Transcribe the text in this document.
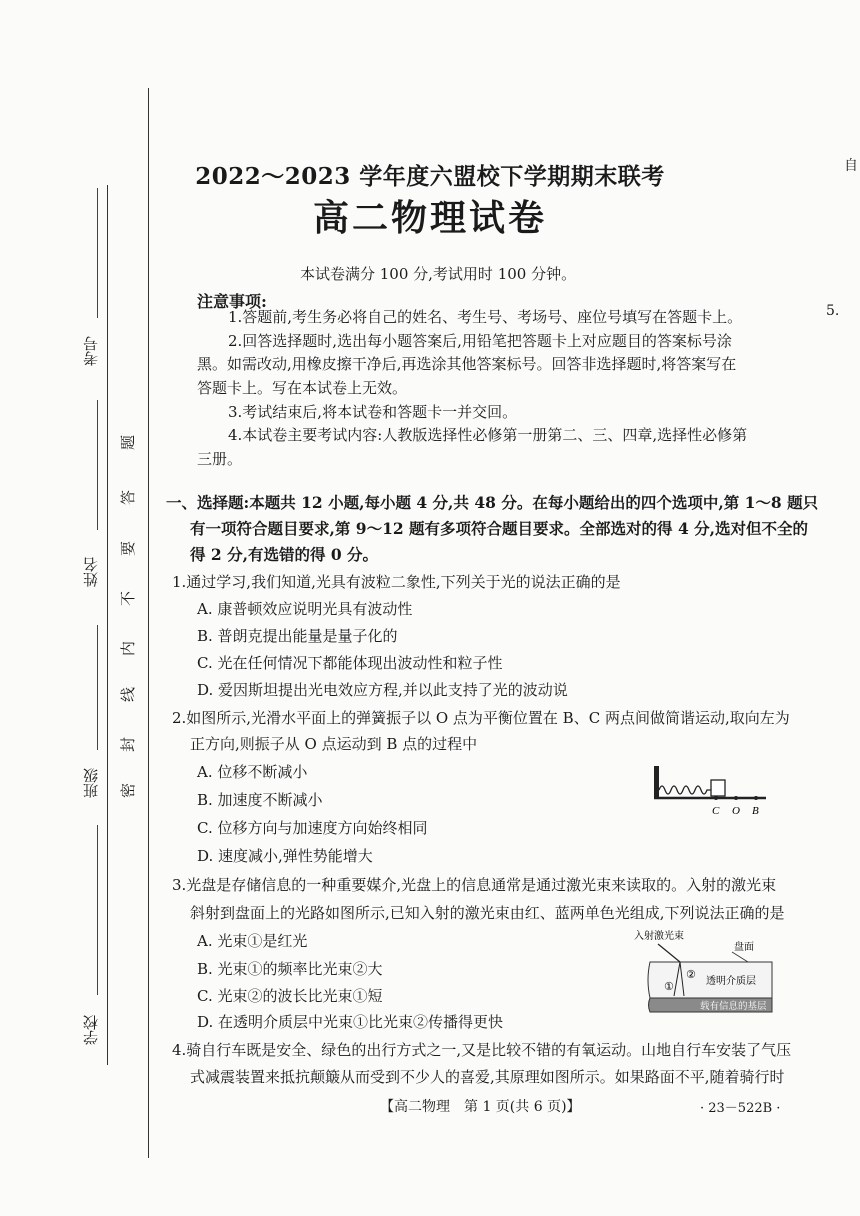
考号
姓名
班级
学校
题
答
要
不
内
线
封
密
自
5.
2022～2023 学年度六盟校下学期期末联考
高二物理试卷
本试卷满分 100 分,考试用时 100 分钟。
注意事项:
1.答题前,考生务必将自己的姓名、考生号、考场号、座位号填写在答题卡上。
2.回答选择题时,选出每小题答案后,用铅笔把答题卡上对应题目的答案标号涂
黑。如需改动,用橡皮擦干净后,再选涂其他答案标号。回答非选择题时,将答案写在
答题卡上。写在本试卷上无效。
3.考试结束后,将本试卷和答题卡一并交回。
4.本试卷主要考试内容:人教版选择性必修第一册第二、三、四章,选择性必修第
三册。
一、选择题:本题共 12 小题,每小题 4 分,共 48 分。在每小题给出的四个选项中,第 1～8 题只
有一项符合题目要求,第 9～12 题有多项符合题目要求。全部选对的得 4 分,选对但不全的
得 2 分,有选错的得 0 分。
1.通过学习,我们知道,光具有波粒二象性,下列关于光的说法正确的是
A. 康普顿效应说明光具有波动性
B. 普朗克提出能量是量子化的
C. 光在任何情况下都能体现出波动性和粒子性
D. 爱因斯坦提出光电效应方程,并以此支持了光的波动说
2.如图所示,光滑水平面上的弹簧振子以 O 点为平衡位置在 B、C 两点间做简谐运动,取向左为
正方向,则振子从 O 点运动到 B 点的过程中
A. 位移不断减小
B. 加速度不断减小
C. 位移方向与加速度方向始终相同
D. 速度减小,弹性势能增大
C O B
3.光盘是存储信息的一种重要媒介,光盘上的信息通常是通过激光束来读取的。入射的激光束
斜射到盘面上的光路如图所示,已知入射的激光束由红、蓝两单色光组成,下列说法正确的是
A. 光束①是红光
B. 光束①的频率比光束②大
C. 光束②的波长比光束①短
D. 在透明介质层中光束①比光束②传播得更快
入射激光束
盘面
①
②
透明介质层
载有信息的基层
4.骑自行车既是安全、绿色的出行方式之一,又是比较不错的有氧运动。山地自行车安装了气压
式减震装置来抵抗颠簸从而受到不少人的喜爱,其原理如图所示。如果路面不平,随着骑行时
【高二物理　第 1 页(共 6 页)】	· 23－522B ·
